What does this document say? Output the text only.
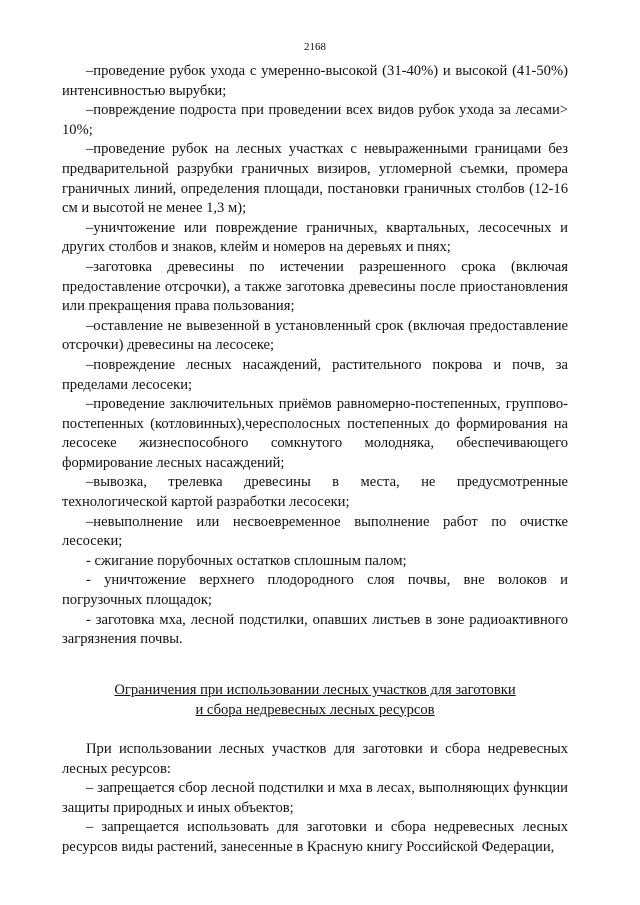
2168

–проведение рубок ухода с умеренно-высокой (31-40%) и высокой (41-50%) интенсивностью вырубки;

–повреждение подроста при проведении всех видов рубок ухода за лесами> 10%;

–проведение рубок на лесных участках с невыраженными границами без предварительной разрубки граничных визиров, угломерной съемки, промера граничных линий, определения площади, постановки граничных столбов (12-16 см и высотой не менее 1,3 м);

–уничтожение или повреждение граничных, квартальных, лесосечных и других столбов и знаков, клейм и номеров на деревьях и пнях;

–заготовка древесины по истечении разрешенного срока (включая предоставление отсрочки), а также заготовка древесины после приостановления или прекращения права пользования;

–оставление не вывезенной в установленный срок (включая предоставление отсрочки) древесины на лесосеке;

–повреждение лесных насаждений, растительного покрова и почв, за пределами лесосеки;

–проведение заключительных приёмов равномерно-постепенных, группово-постепенных (котловинных),чересполосных постепенных до формирования на лесосеке жизнеспособного сомкнутого молодняка, обеспечивающего формирование лесных насаждений;

–вывозка, трелевка древесины в места, не предусмотренные технологической картой разработки лесосеки;

–невыполнение или несвоевременное выполнение работ по очистке лесосеки;

- сжигание порубочных остатков сплошным палом;

- уничтожение верхнего плодородного слоя почвы, вне волоков и погрузочных площадок;

- заготовка мха, лесной подстилки, опавших листьев в зоне радиоактивного загрязнения почвы.

Ограничения при использовании лесных участков для заготовки
и сбора недревесных лесных ресурсов

При использовании лесных участков для заготовки и сбора недревесных лесных ресурсов:

– запрещается сбор лесной подстилки и мха в лесах, выполняющих функции защиты природных и иных объектов;

– запрещается использовать для заготовки и сбора недревесных лесных ресурсов виды растений, занесенные в Красную книгу Российской Федерации,
